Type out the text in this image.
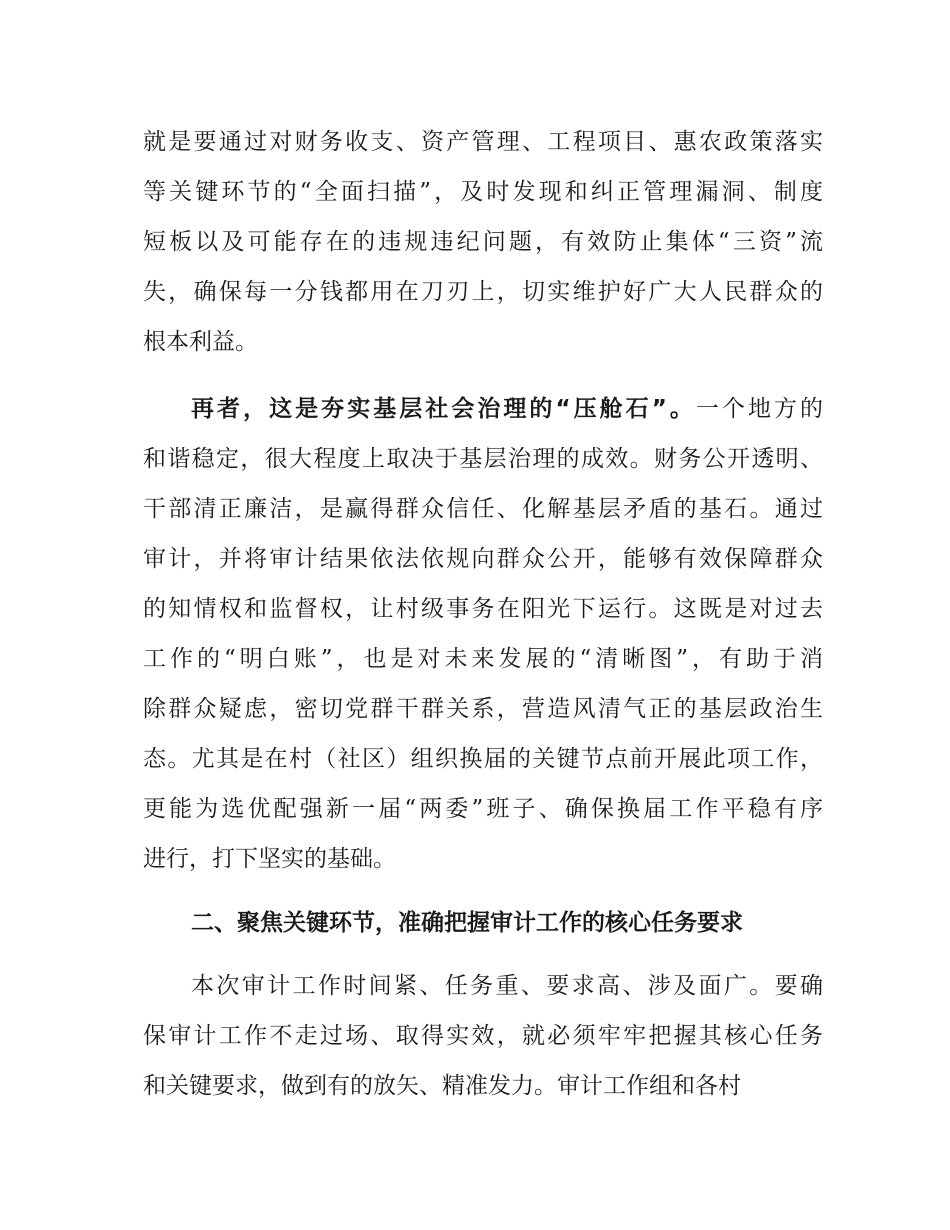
就是要通过对财务收支、资产管理、工程项目、惠农政策落实
等关键环节的“全面扫描”，及时发现和纠正管理漏洞、制度
短板以及可能存在的违规违纪问题，有效防止集体“三资”流
失，确保每一分钱都用在刀刃上，切实维护好广大人民群众的
根本利益。
再者，这是夯实基层社会治理的“压舱石”。一个地方的
和谐稳定，很大程度上取决于基层治理的成效。财务公开透明、
干部清正廉洁，是赢得群众信任、化解基层矛盾的基石。通过
审计，并将审计结果依法依规向群众公开，能够有效保障群众
的知情权和监督权，让村级事务在阳光下运行。这既是对过去
工作的“明白账”，也是对未来发展的“清晰图”，有助于消
除群众疑虑，密切党群干群关系，营造风清气正的基层政治生
态。尤其是在村（社区）组织换届的关键节点前开展此项工作，
更能为选优配强新一届“两委”班子、确保换届工作平稳有序
进行，打下坚实的基础。
二、聚焦关键环节，准确把握审计工作的核心任务要求
本次审计工作时间紧、任务重、要求高、涉及面广。要确
保审计工作不走过场、取得实效，就必须牢牢把握其核心任务
和关键要求，做到有的放矢、精准发力。审计工作组和各村
